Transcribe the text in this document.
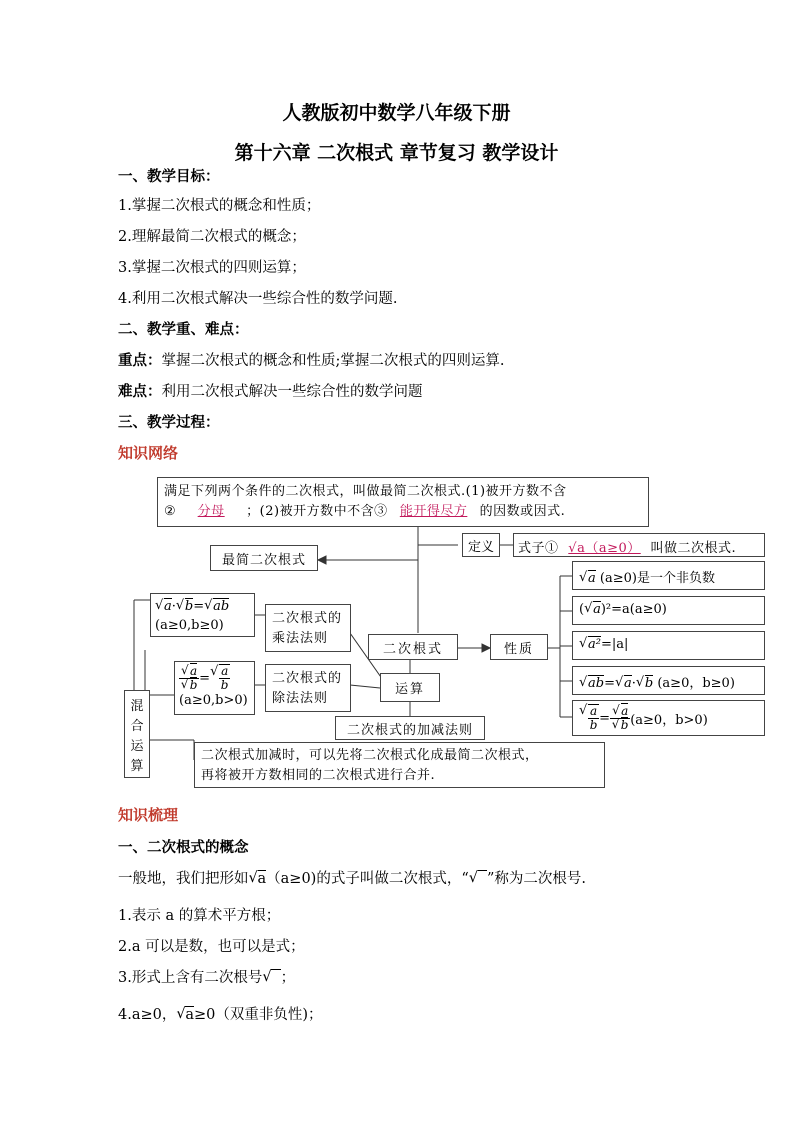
人教版初中数学八年级下册
第十六章 二次根式 章节复习 教学设计
一、教学目标：
1.掌握二次根式的概念和性质；
2.理解最简二次根式的概念；
3.掌握二次根式的四则运算；
4.利用二次根式解决一些综合性的数学问题.
二、教学重、难点：
重点：掌握二次根式的概念和性质;掌握二次根式的四则运算.
难点：利用二次根式解决一些综合性的数学问题
三、教学过程：
知识网络
满足下列两个条件的二次根式，叫做最简二次根式.(1)被开方数不含
② 分母 ；(2)被开方数中不含③ 能开得尽方 的因数或因式.
最简二次根式
定义	式子① √a（a≥0） 叫做二次根式.
√ a (a≥0)是一个非负数
( √ a)²=a(a≥0)
√ a²=|a|
√ ab= √ a· √ b (a≥0，b≥0)
√ $\frac{a}{b}$ = √ a
√ b (a≥0，b>0)
√ a· √ b= √ ab
(a≥0,b≥0)	二次根式的乘法法则
√ a
√ b = √ $\frac{a}{b}$
(a≥0,b>0)
二次根式的除法法则
二次根式	性质
运算
二次根式的加减法则
混合运算
二次根式加减时，可以先将二次根式化成最简二次根式，
再将被开方数相同的二次根式进行合并.
知识梳理
一、二次根式的概念
一般地，我们把形如 √ a（a≥0)的式子叫做二次根式，“ √ ”称为二次根号.
1.表示 a 的算术平方根；
2.a 可以是数，也可以是式；
3.形式上含有二次根号 √ ；
4.a≥0， √ a≥0（双重非负性)；
